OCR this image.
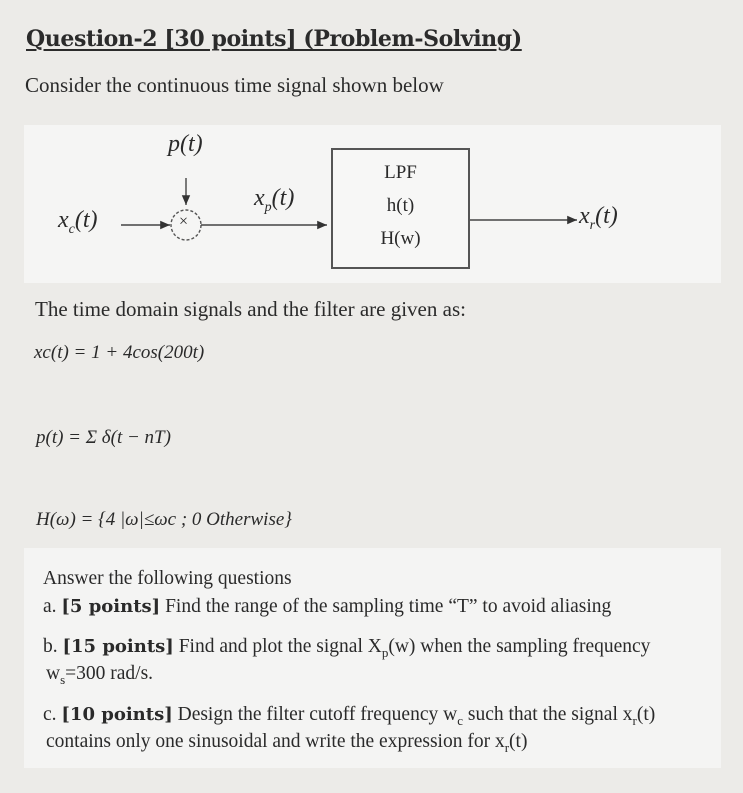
Question-2 [30 points] (Problem-Solving)
Consider the continuous time signal shown below
p(t)
×
$x_c(t)$
$x_p(t)$
LPF
h(t)
H(w)
$x_r(t)$
The time domain signals and the filter are given as:
xc(t) = 1 + 4cos(200t)
p(t) = Σ δ(t − nT)
H(ω) = {4 |ω|≤ωc ; 0 Otherwise}
Answer the following questions
a. [5 points] Find the range of the sampling time “T” to avoid aliasing
b. [15 points] Find and plot the signal $X_p(w)$ when the sampling frequency
$w_s=300$ rad/s.
c. [10 points] Design the filter cutoff frequency $w_c$ such that the signal $x_r(t)$
contains only one sinusoidal and write the expression for $x_r(t)$
